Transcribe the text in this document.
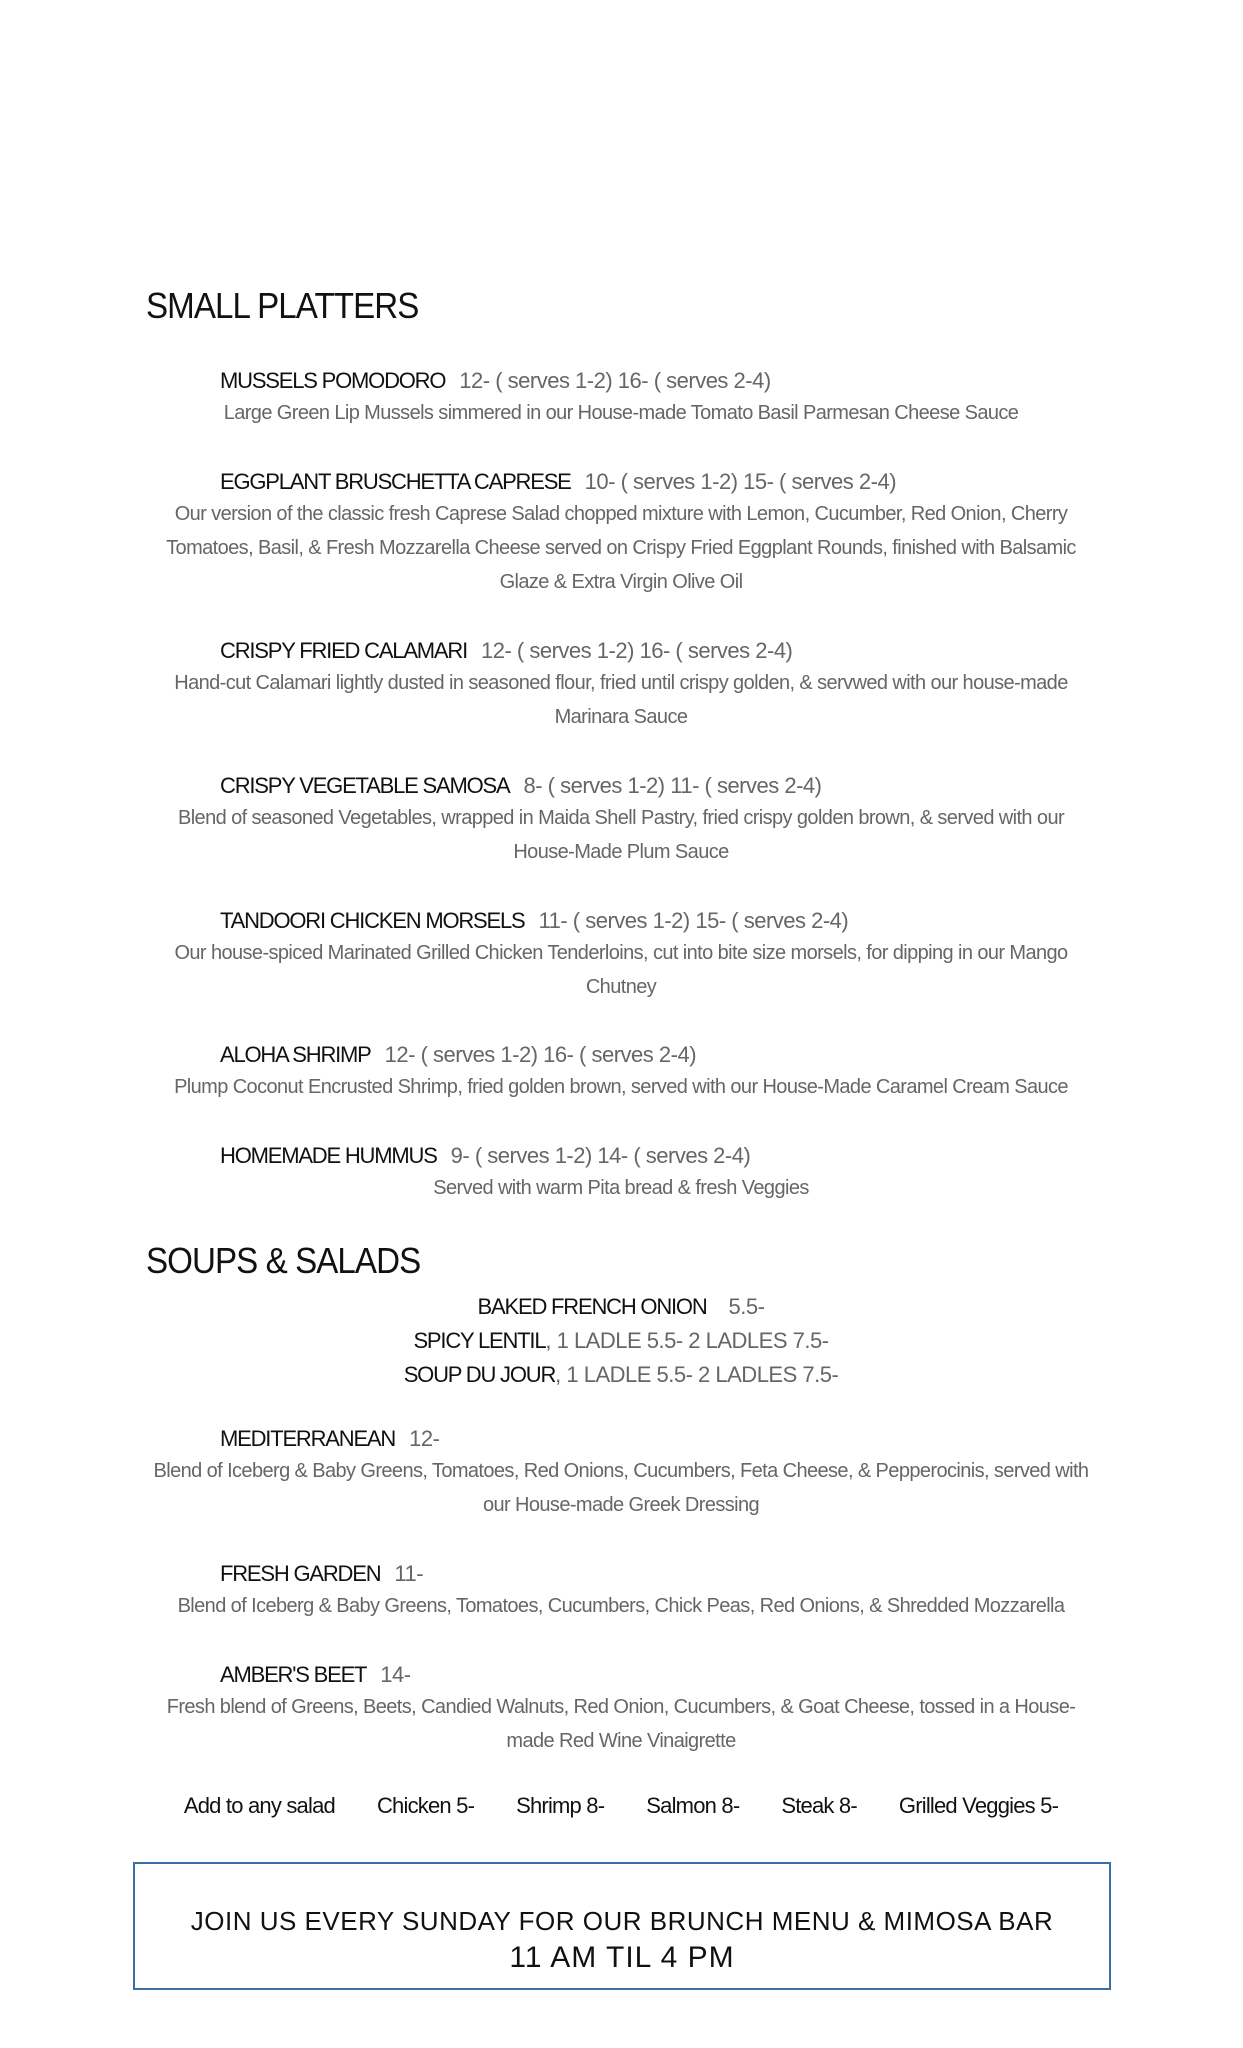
SMALL PLATTERS
MUSSELS POMODORO 12- ( serves 1-2) 16- ( serves 2-4)
Large Green Lip Mussels simmered in our House-made Tomato Basil Parmesan Cheese Sauce
EGGPLANT BRUSCHETTA CAPRESE 10- ( serves 1-2) 15- ( serves 2-4)
Our version of the classic fresh Caprese Salad chopped mixture with Lemon, Cucumber, Red Onion, Cherry Tomatoes, Basil, & Fresh Mozzarella Cheese served on Crispy Fried Eggplant Rounds, finished with Balsamic Glaze & Extra Virgin Olive Oil
CRISPY FRIED CALAMARI 12- ( serves 1-2) 16- ( serves 2-4)
Hand-cut Calamari lightly dusted in seasoned flour, fried until crispy golden, & servwed with our house-made Marinara Sauce
CRISPY VEGETABLE SAMOSA 8- ( serves 1-2) 11- ( serves 2-4)
Blend of seasoned Vegetables, wrapped in Maida Shell Pastry, fried crispy golden brown, & served with our House-Made Plum Sauce
TANDOORI CHICKEN MORSELS 11- ( serves 1-2) 15- ( serves 2-4)
Our house-spiced Marinated Grilled Chicken Tenderloins, cut into bite size morsels, for dipping in our Mango Chutney
ALOHA SHRIMP 12- ( serves 1-2) 16- ( serves 2-4)
Plump Coconut Encrusted Shrimp, fried golden brown, served with our House-Made Caramel Cream Sauce
HOMEMADE HUMMUS 9- ( serves 1-2) 14- ( serves 2-4)
Served with warm Pita bread & fresh Veggies
SOUPS & SALADS
BAKED FRENCH ONION 5.5-
SPICY LENTIL, 1 LADLE 5.5- 2 LADLES 7.5-
SOUP DU JOUR, 1 LADLE 5.5- 2 LADLES 7.5-
MEDITERRANEAN 12-
Blend of Iceberg & Baby Greens, Tomatoes, Red Onions, Cucumbers, Feta Cheese, & Pepperocinis, served with our House-made Greek Dressing
FRESH GARDEN 11-
Blend of Iceberg & Baby Greens, Tomatoes, Cucumbers, Chick Peas, Red Onions, & Shredded Mozzarella
AMBER'S BEET 14-
Fresh blend of Greens, Beets, Candied Walnuts, Red Onion, Cucumbers, & Goat Cheese, tossed in a House-made Red Wine Vinaigrette
Add to any salad Chicken 5- Shrimp 8- Salmon 8- Steak 8- Grilled Veggies 5-
JOIN US EVERY SUNDAY FOR OUR BRUNCH MENU & MIMOSA BAR
11 AM TIL 4 PM
